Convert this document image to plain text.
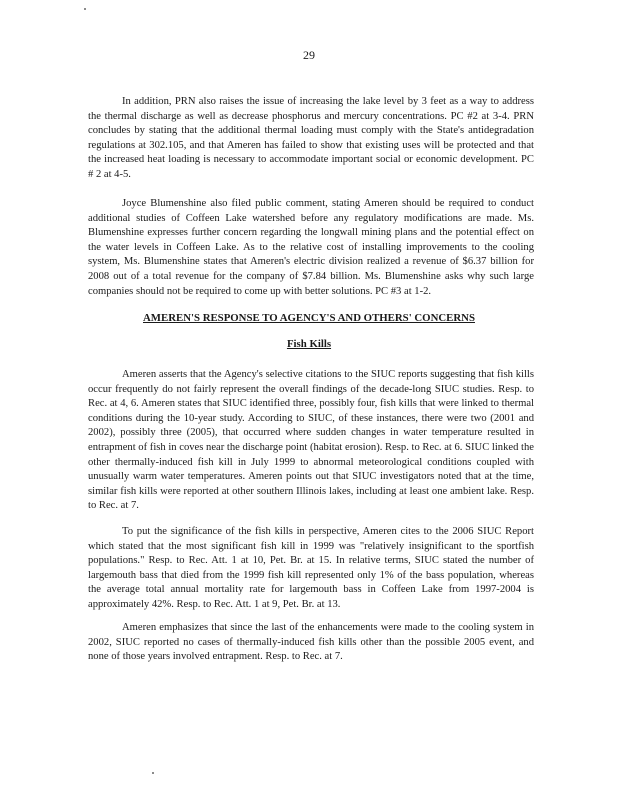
29

In addition, PRN also raises the issue of increasing the lake level by 3 feet as a way to address the thermal discharge as well as decrease phosphorus and mercury concentrations. PC #2 at 3-4. PRN concludes by stating that the additional thermal loading must comply with the State's antidegradation regulations at 302.105, and that Ameren has failed to show that existing uses will be protected and that the increased heat loading is necessary to accommodate important social or economic development. PC # 2 at 4-5.

Joyce Blumenshine also filed public comment, stating Ameren should be required to conduct additional studies of Coffeen Lake watershed before any regulatory modifications are made. Ms. Blumenshine expresses further concern regarding the longwall mining plans and the potential effect on the water levels in Coffeen Lake. As to the relative cost of installing improvements to the cooling system, Ms. Blumenshine states that Ameren's electric division realized a revenue of $6.37 billion for 2008 out of a total revenue for the company of $7.84 billion. Ms. Blumenshine asks why such large companies should not be required to come up with better solutions. PC #3 at 1-2.

AMEREN'S RESPONSE TO AGENCY'S AND OTHERS' CONCERNS
Fish Kills

Ameren asserts that the Agency's selective citations to the SIUC reports suggesting that fish kills occur frequently do not fairly represent the overall findings of the decade-long SIUC studies. Resp. to Rec. at 4, 6. Ameren states that SIUC identified three, possibly four, fish kills that were linked to thermal conditions during the 10-year study. According to SIUC, of these instances, there were two (2001 and 2002), possibly three (2005), that occurred where sudden changes in water temperature resulted in entrapment of fish in coves near the discharge point (habitat erosion). Resp. to Rec. at 6. SIUC linked the other thermally-induced fish kill in July 1999 to abnormal meteorological conditions coupled with unusually warm water temperatures. Ameren points out that SIUC investigators noted that at the time, similar fish kills were reported at other southern Illinois lakes, including at least one ambient lake. Resp. to Rec. at 7.

To put the significance of the fish kills in perspective, Ameren cites to the 2006 SIUC Report which stated that the most significant fish kill in 1999 was "relatively insignificant to the sportfish populations." Resp. to Rec. Att. 1 at 10, Pet. Br. at 15. In relative terms, SIUC stated the number of largemouth bass that died from the 1999 fish kill represented only 1% of the bass population, whereas the average total annual mortality rate for largemouth bass in Coffeen Lake from 1997-2004 is approximately 42%. Resp. to Rec. Att. 1 at 9, Pet. Br. at 13.

Ameren emphasizes that since the last of the enhancements were made to the cooling system in 2002, SIUC reported no cases of thermally-induced fish kills other than the possible 2005 event, and none of those years involved entrapment. Resp. to Rec. at 7.
